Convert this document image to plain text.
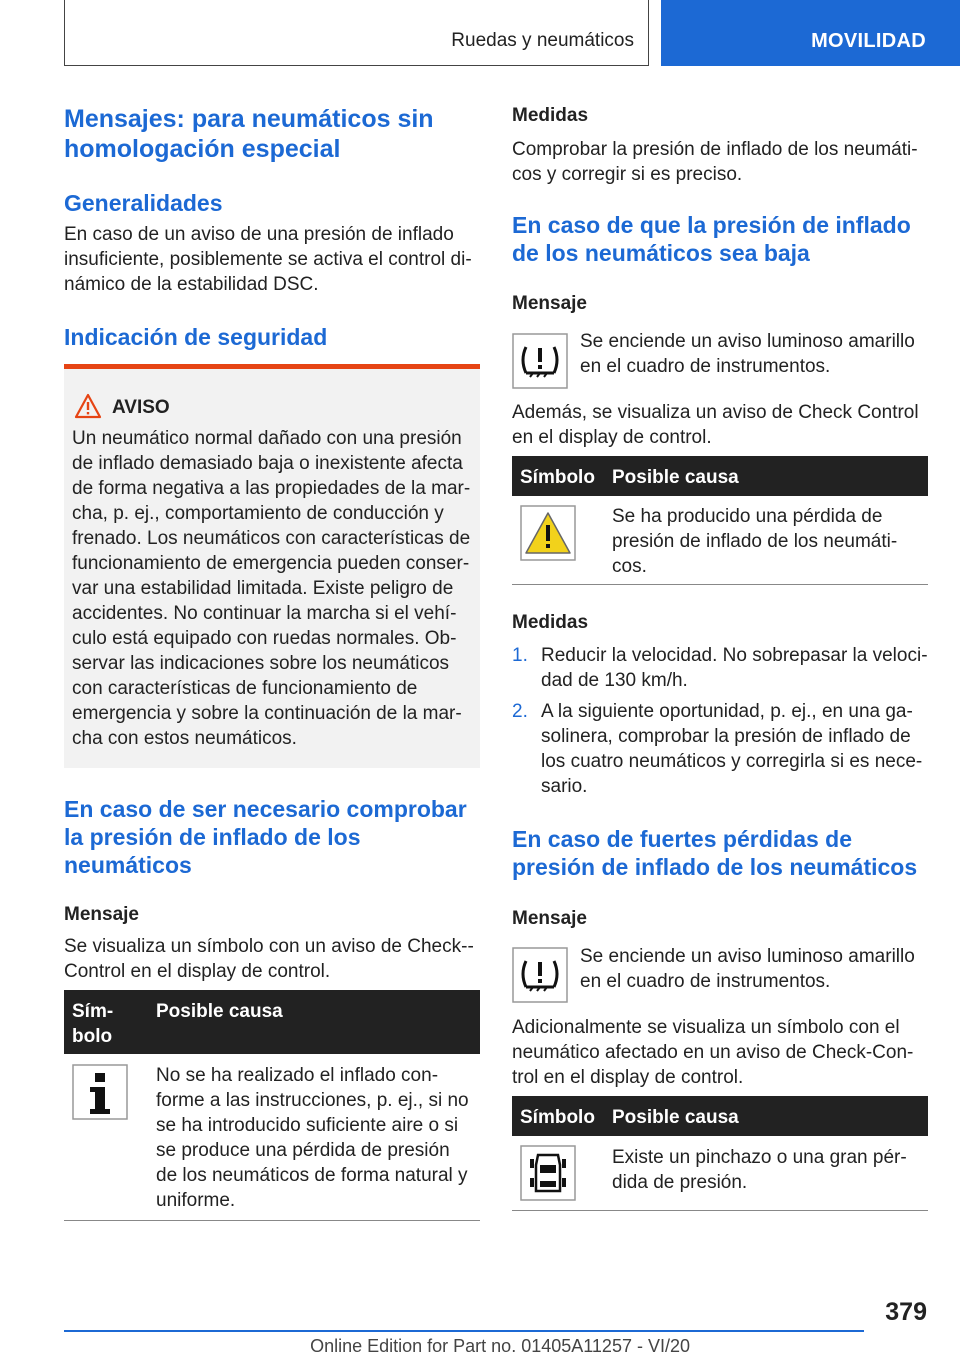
Ruedas y neumáticos	MOVILIDAD
Mensajes: para neumáticos sin homologación especial
Generalidades

En caso de un aviso de una presión de inflado insuficiente, posiblemente se activa el control dinámico de la estabilidad DSC.

Indicación de seguridad
AVISO

Un neumático normal dañado con una presión de inflado demasiado baja o inexistente afecta de forma negativa a las propiedades de la marcha, p. ej., comportamiento de conducción y frenado. Los neumáticos con características de funcionamiento de emergencia pueden conservar una estabilidad limitada. Existe peligro de accidentes. No continuar la marcha si el vehículo está equipado con ruedas normales. Observar las indicaciones sobre los neumáticos con características de funcionamiento de emergencia y sobre la continuación de la marcha con estos neumáticos.

En caso de ser necesario comprobar la presión de inflado de los neumáticos
Mensaje

Se visualiza un símbolo con un aviso de Check-Control en el display de control.

Símbolo
Posible causa

No se ha realizado el inflado conforme a las instrucciones, p. ej., si no se ha introducido suficiente aire o si se produce una pérdida de presión de los neumáticos de forma natural y uniforme.

Medidas

Comprobar la presión de inflado de los neumáticos y corregir si es preciso.

En caso de que la presión de inflado de los neumáticos sea baja
Mensaje

Se enciende un aviso luminoso amarillo en el cuadro de instrumentos.

Además, se visualiza un aviso de Check Control en el display de control.

Símbolo Posible causa

Se ha producido una pérdida de presión de inflado de los neumáticos.

Medidas
1. Reducir la velocidad. No sobrepasar la velocidad de 130 km/h.
2. A la siguiente oportunidad, p. ej., en una gasolinera, comprobar la presión de inflado de los cuatro neumáticos y corregirla si es necesario.
En caso de fuertes pérdidas de presión de inflado de los neumáticos
Mensaje

Se enciende un aviso luminoso amarillo en el cuadro de instrumentos.

Adicionalmente se visualiza un símbolo con el neumático afectado en un aviso de Check-Control en el display de control.

Símbolo Posible causa

Existe un pinchazo o una gran pérdida de presión.

379
Online Edition for Part no. 01405A11257 - VI/20
